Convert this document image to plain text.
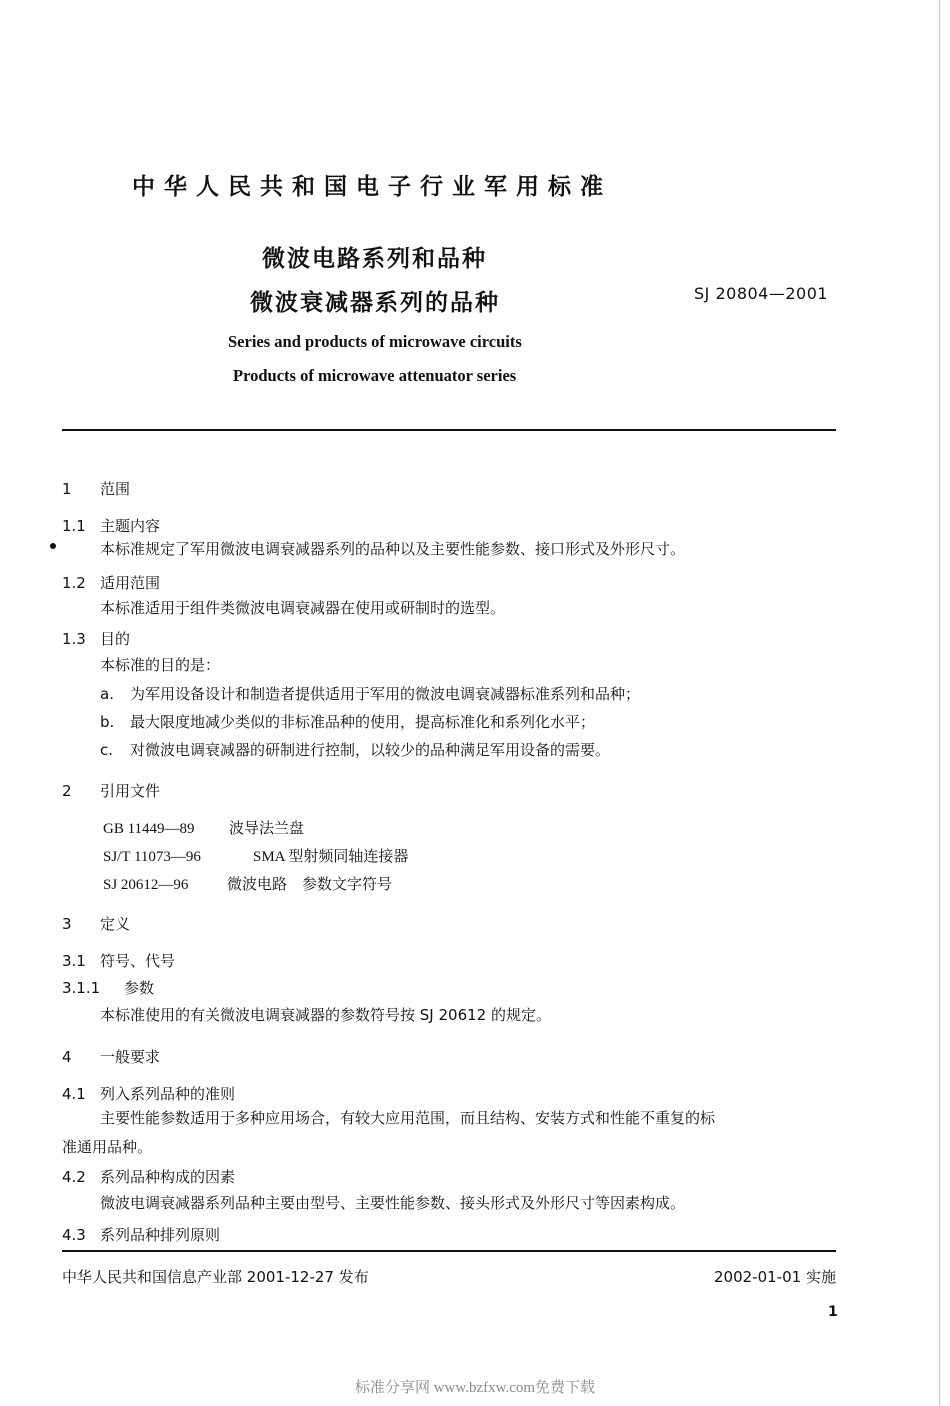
中华人民共和国电子行业军用标准
微波电路系列和品种
微波衰减器系列的品种	SJ 20804—2001
Series and products of microwave circuits
Products of microwave attenuator series
1 范围
1.1 主题内容
本标准规定了军用微波电调衰减器系列的品种以及主要性能参数、接口形式及外形尺寸。
1.2 适用范围
本标准适用于组件类微波电调衰减器在使用或研制时的选型。
1.3 目的
本标准的目的是：
a. 为军用设备设计和制造者提供适用于军用的微波电调衰减器标准系列和品种；
b. 最大限度地减少类似的非标准品种的使用，提高标准化和系列化水平；
c. 对微波电调衰减器的研制进行控制，以较少的品种满足军用设备的需要。
2 引用文件
GB 11449—89 波导法兰盘
SJ/T 11073—96	SMA 型射频同轴连接器
SJ 20612—96	微波电路　参数文字符号
3 定义
3.1 符号、代号
3.1.1 参数
本标准使用的有关微波电调衰减器的参数符号按 SJ 20612 的规定。
4 一般要求
4.1 列入系列品种的准则
主要性能参数适用于多种应用场合，有较大应用范围，而且结构、安装方式和性能不重复的标
准通用品种。
4.2 系列品种构成的因素
微波电调衰减器系列品种主要由型号、主要性能参数、接头形式及外形尺寸等因素构成。
4.3 系列品种排列原则
中华人民共和国信息产业部 2001-12-27 发布	2002-01-01 实施
1
标准分享网 www.bzfxw.com免费下载
